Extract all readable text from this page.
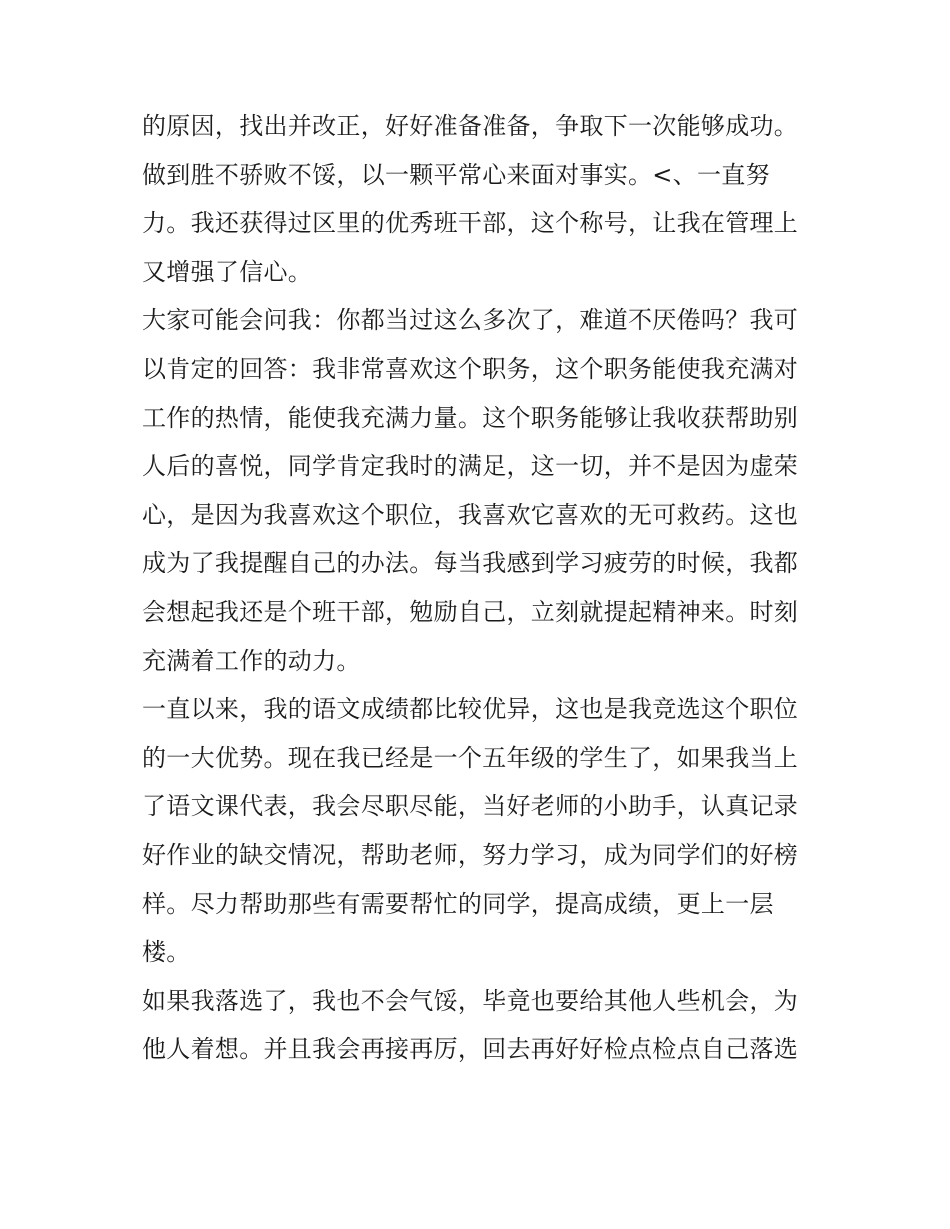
的原因，找出并改正，好好准备准备，争取下一次能够成功。
做到胜不骄败不馁，以一颗平常心来面对事实。<、一直努
力。我还获得过区里的优秀班干部，这个称号，让我在管理上
又增强了信心。
大家可能会问我：你都当过这么多次了，难道不厌倦吗？我可
以肯定的回答：我非常喜欢这个职务，这个职务能使我充满对
工作的热情，能使我充满力量。这个职务能够让我收获帮助别
人后的喜悦，同学肯定我时的满足，这一切，并不是因为虚荣
心，是因为我喜欢这个职位，我喜欢它喜欢的无可救药。这也
成为了我提醒自己的办法。每当我感到学习疲劳的时候，我都
会想起我还是个班干部，勉励自己，立刻就提起精神来。时刻
充满着工作的动力。
一直以来，我的语文成绩都比较优异，这也是我竞选这个职位
的一大优势。现在我已经是一个五年级的学生了，如果我当上
了语文课代表，我会尽职尽能，当好老师的小助手，认真记录
好作业的缺交情况，帮助老师，努力学习，成为同学们的好榜
样。尽力帮助那些有需要帮忙的同学，提高成绩，更上一层
楼。
如果我落选了，我也不会气馁，毕竟也要给其他人些机会，为
他人着想。并且我会再接再厉，回去再好好检点检点自己落选
